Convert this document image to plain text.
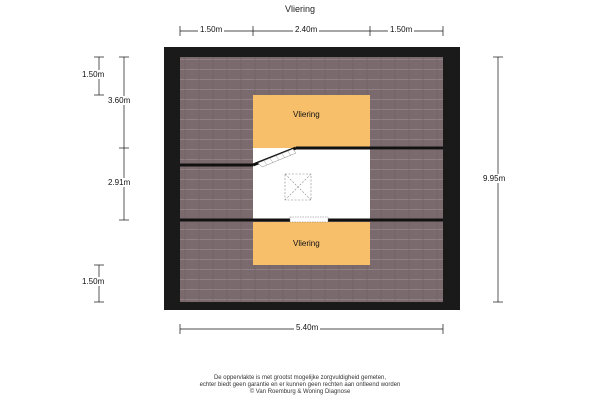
Vliering
Vliering
Vliering
1.50m	2.40m	1.50m
5.40m
1.50m
3.60m
2.91m
1.50m
9.95m
De oppervlakte is met grootst mogelijke zorgvuldigheid gemeten,
echter biedt geen garantie en er kunnen geen rechten aan ontleend worden
© Van Roemburg & Woning Diagnose
